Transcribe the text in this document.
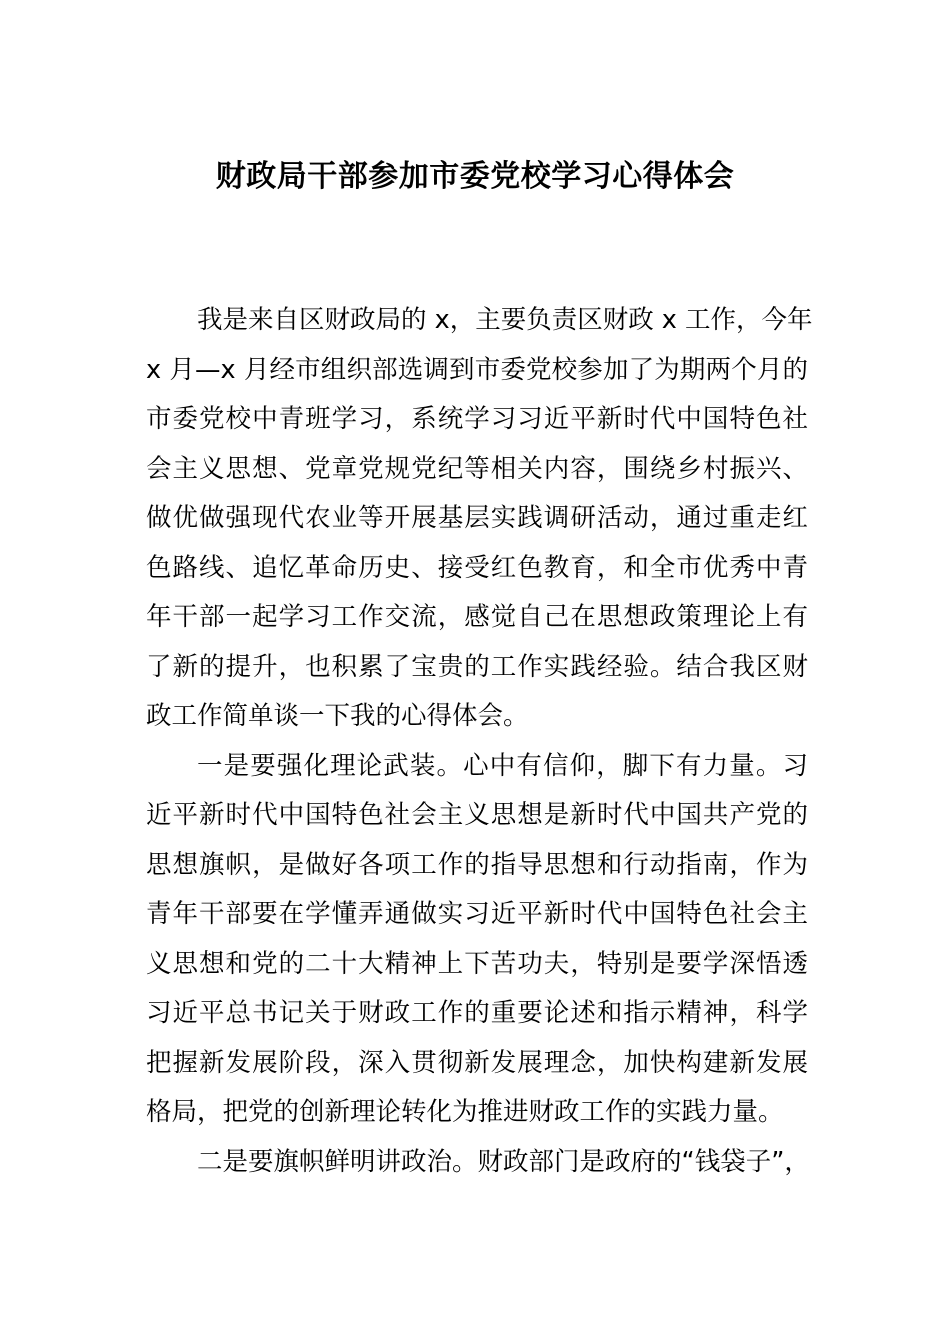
财政局干部参加市委党校学习心得体会
我是来自区财政局的 x，主要负责区财政 x 工作，今年
x 月—x 月经市组织部选调到市委党校参加了为期两个月的
市委党校中青班学习，系统学习习近平新时代中国特色社
会主义思想、党章党规党纪等相关内容，围绕乡村振兴、
做优做强现代农业等开展基层实践调研活动，通过重走红
色路线、追忆革命历史、接受红色教育，和全市优秀中青
年干部一起学习工作交流，感觉自己在思想政策理论上有
了新的提升，也积累了宝贵的工作实践经验。结合我区财
政工作简单谈一下我的心得体会。
一是要强化理论武装。心中有信仰，脚下有力量。习
近平新时代中国特色社会主义思想是新时代中国共产党的
思想旗帜，是做好各项工作的指导思想和行动指南，作为
青年干部要在学懂弄通做实习近平新时代中国特色社会主
义思想和党的二十大精神上下苦功夫，特别是要学深悟透
习近平总书记关于财政工作的重要论述和指示精神，科学
把握新发展阶段，深入贯彻新发展理念，加快构建新发展
格局，把党的创新理论转化为推进财政工作的实践力量。
二是要旗帜鲜明讲政治。财政部门是政府的“钱袋子”，
